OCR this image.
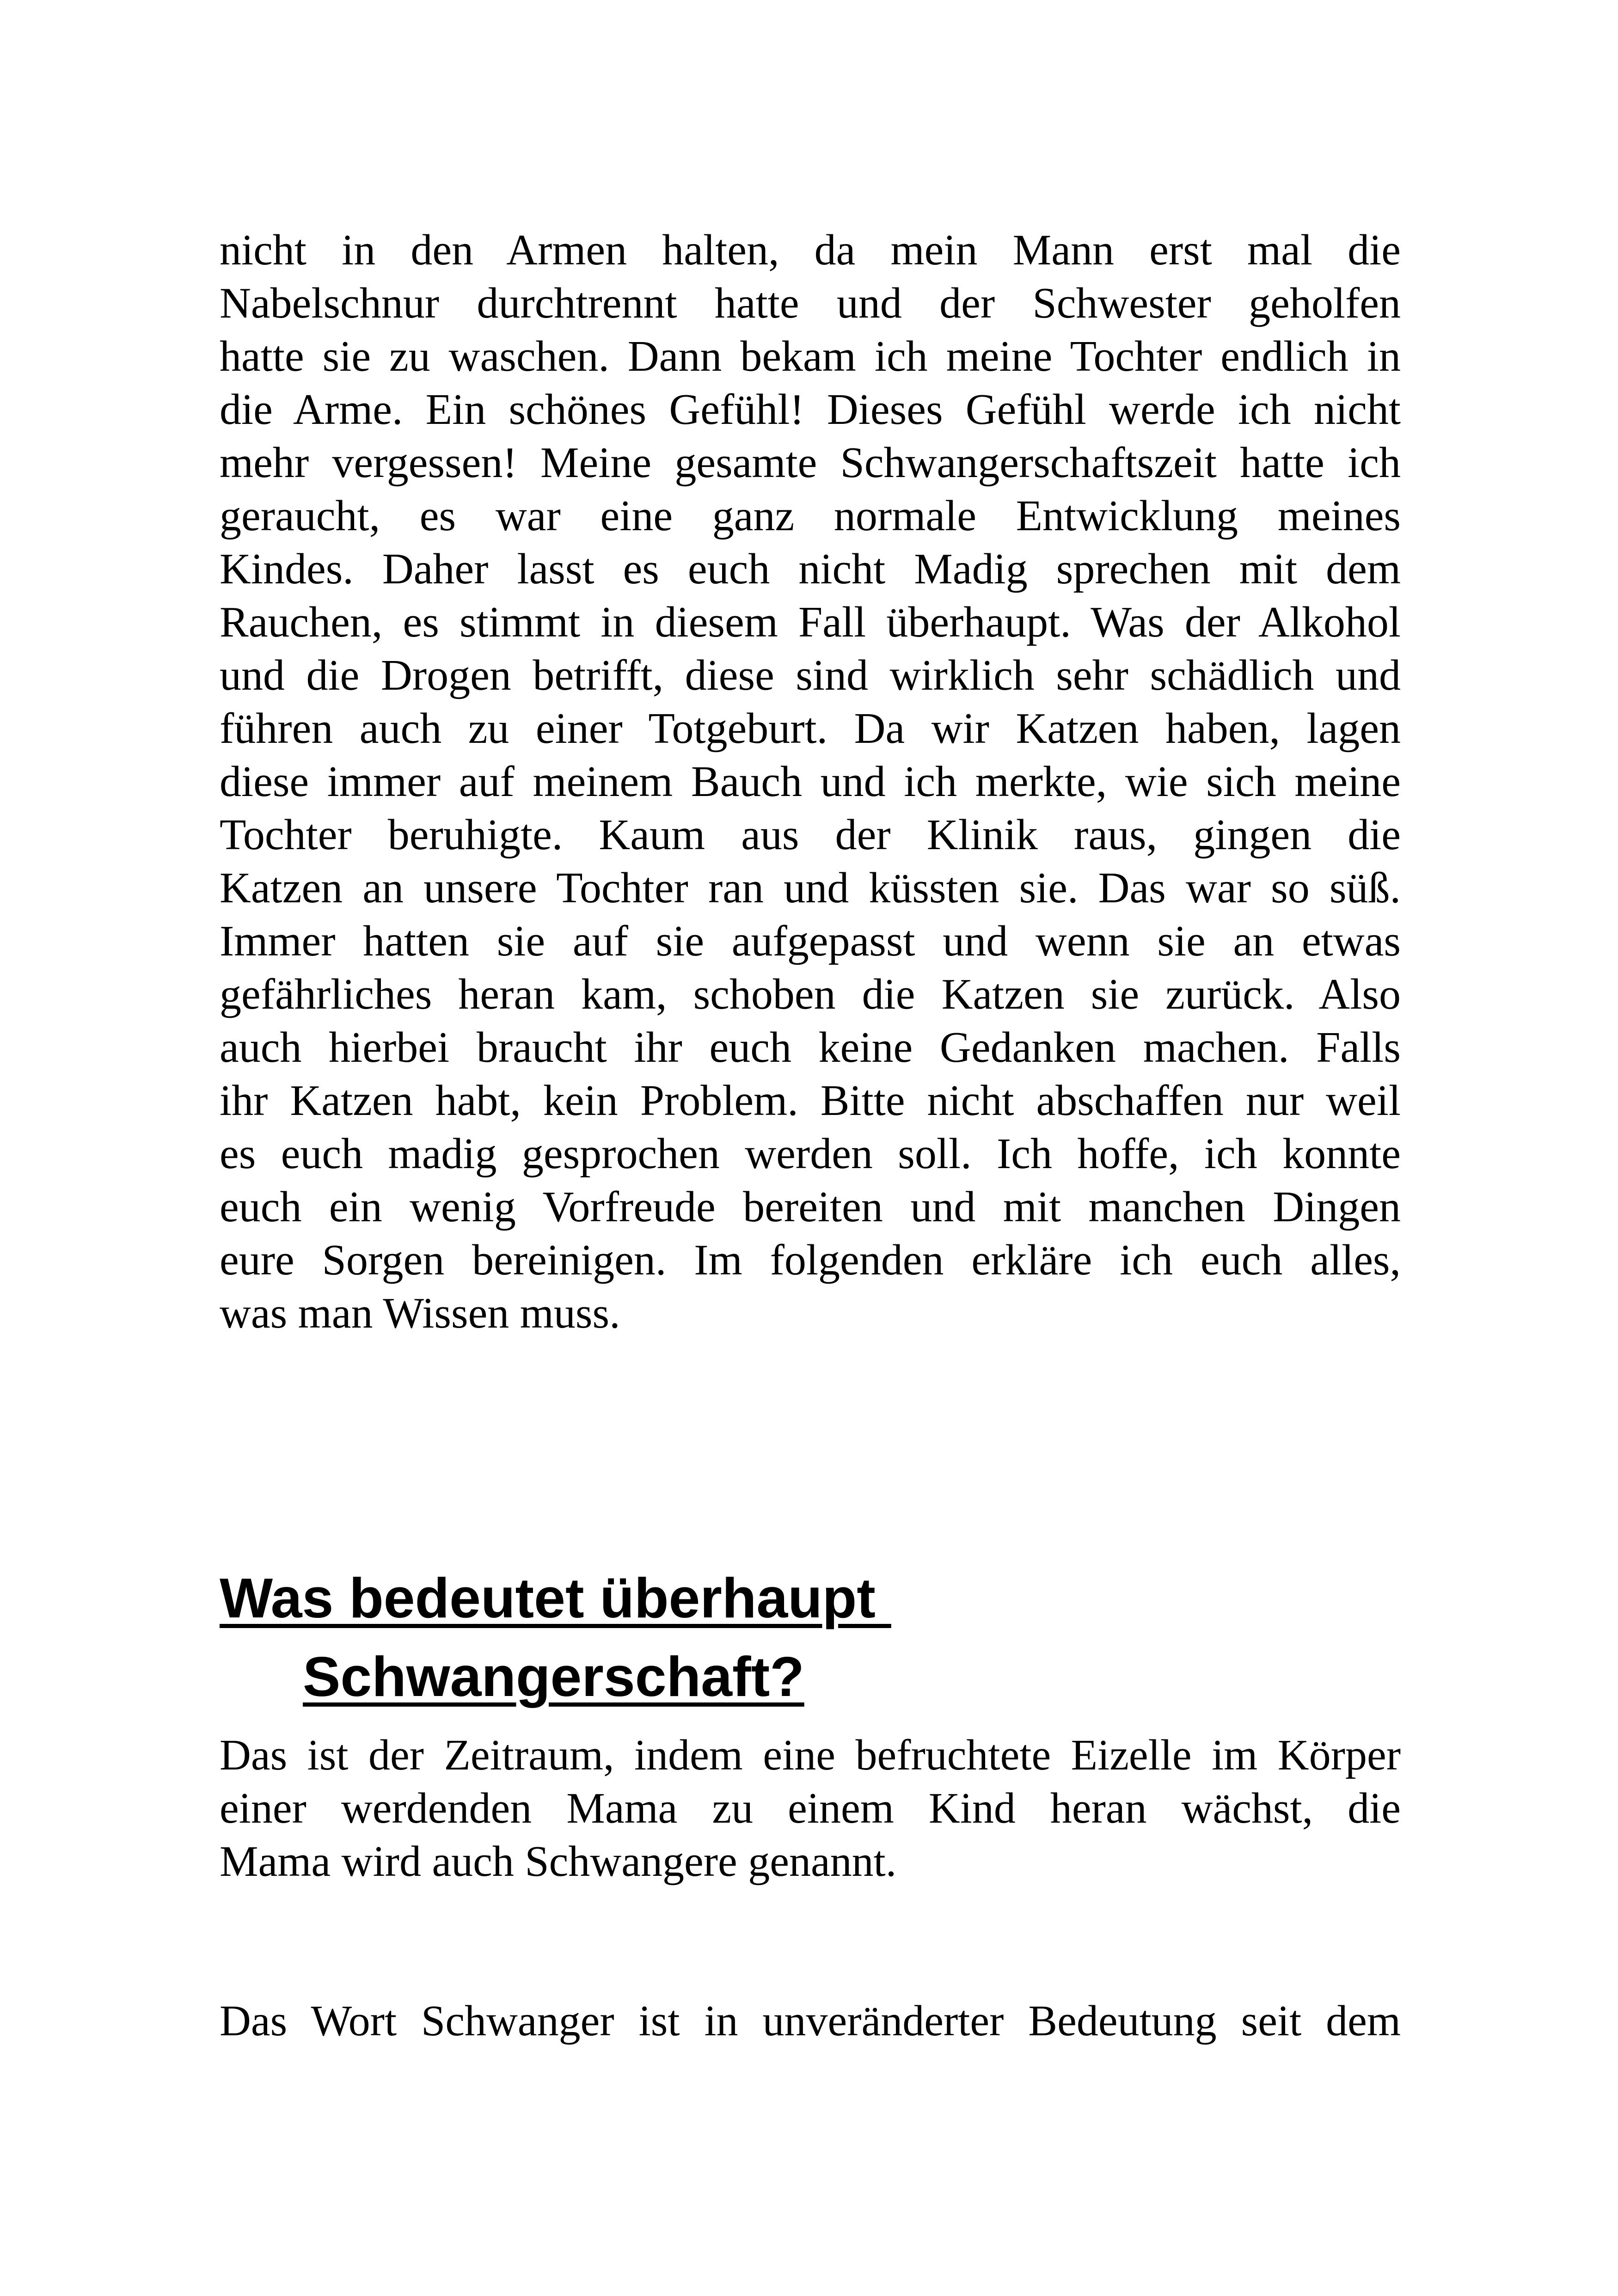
nicht in den Armen halten, da mein Mann erst mal die
Nabelschnur durchtrennt hatte und der Schwester geholfen
hatte sie zu waschen. Dann bekam ich meine Tochter endlich in
die Arme. Ein schönes Gefühl! Dieses Gefühl werde ich nicht
mehr vergessen! Meine gesamte Schwangerschaftszeit hatte ich
geraucht, es war eine ganz normale Entwicklung meines
Kindes. Daher lasst es euch nicht Madig sprechen mit dem
Rauchen, es stimmt in diesem Fall überhaupt. Was der Alkohol
und die Drogen betrifft, diese sind wirklich sehr schädlich und
führen auch zu einer Totgeburt. Da wir Katzen haben, lagen
diese immer auf meinem Bauch und ich merkte, wie sich meine
Tochter beruhigte. Kaum aus der Klinik raus, gingen die
Katzen an unsere Tochter ran und küssten sie. Das war so süß.
Immer hatten sie auf sie aufgepasst und wenn sie an etwas
gefährliches heran kam, schoben die Katzen sie zurück. Also
auch hierbei braucht ihr euch keine Gedanken machen. Falls
ihr Katzen habt, kein Problem. Bitte nicht abschaffen nur weil
es euch madig gesprochen werden soll. Ich hoffe, ich konnte
euch ein wenig Vorfreude bereiten und mit manchen Dingen
eure Sorgen bereinigen. Im folgenden erkläre ich euch alles,
was man Wissen muss.
Was bedeutet überhaupt
Schwangerschaft?
Das ist der Zeitraum, indem eine befruchtete Eizelle im Körper
einer werdenden Mama zu einem Kind heran wächst, die
Mama wird auch Schwangere genannt.
Das Wort Schwanger ist in unveränderter Bedeutung seit dem
